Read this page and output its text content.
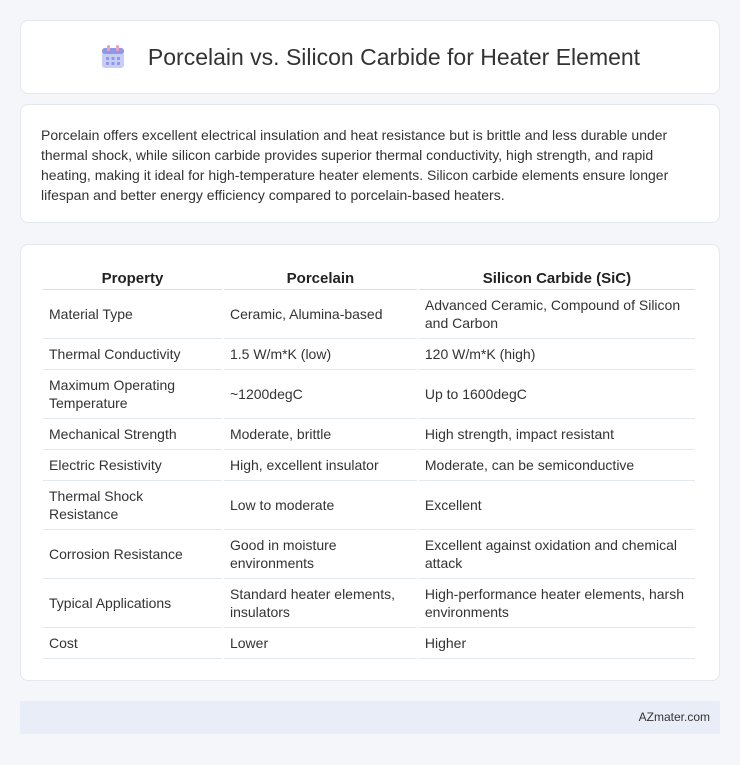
Porcelain vs. Silicon Carbide for Heater Element

Porcelain offers excellent electrical insulation and heat resistance but is brittle and less durable under thermal shock, while silicon carbide provides superior thermal conductivity, high strength, and rapid heating, making it ideal for high-temperature heater elements. Silicon carbide elements ensure longer lifespan and better energy efficiency compared to porcelain-based heaters.

Property	Porcelain	Silicon Carbide (SiC)
Material Type	Ceramic, Alumina-based	Advanced Ceramic, Compound of Silicon and Carbon
Thermal Conductivity	1.5 W/m*K (low)	120 W/m*K (high)
Maximum Operating Temperature	~1200degC	Up to 1600degC
Mechanical Strength	Moderate, brittle	High strength, impact resistant
Electric Resistivity	High, excellent insulator	Moderate, can be semiconductive
Thermal Shock Resistance	Low to moderate	Excellent
Corrosion Resistance	Good in moisture environments	Excellent against oxidation and chemical attack
Typical Applications	Standard heater elements, insulators	High-performance heater elements, harsh environments
Cost	Lower	Higher
AZmater.com
